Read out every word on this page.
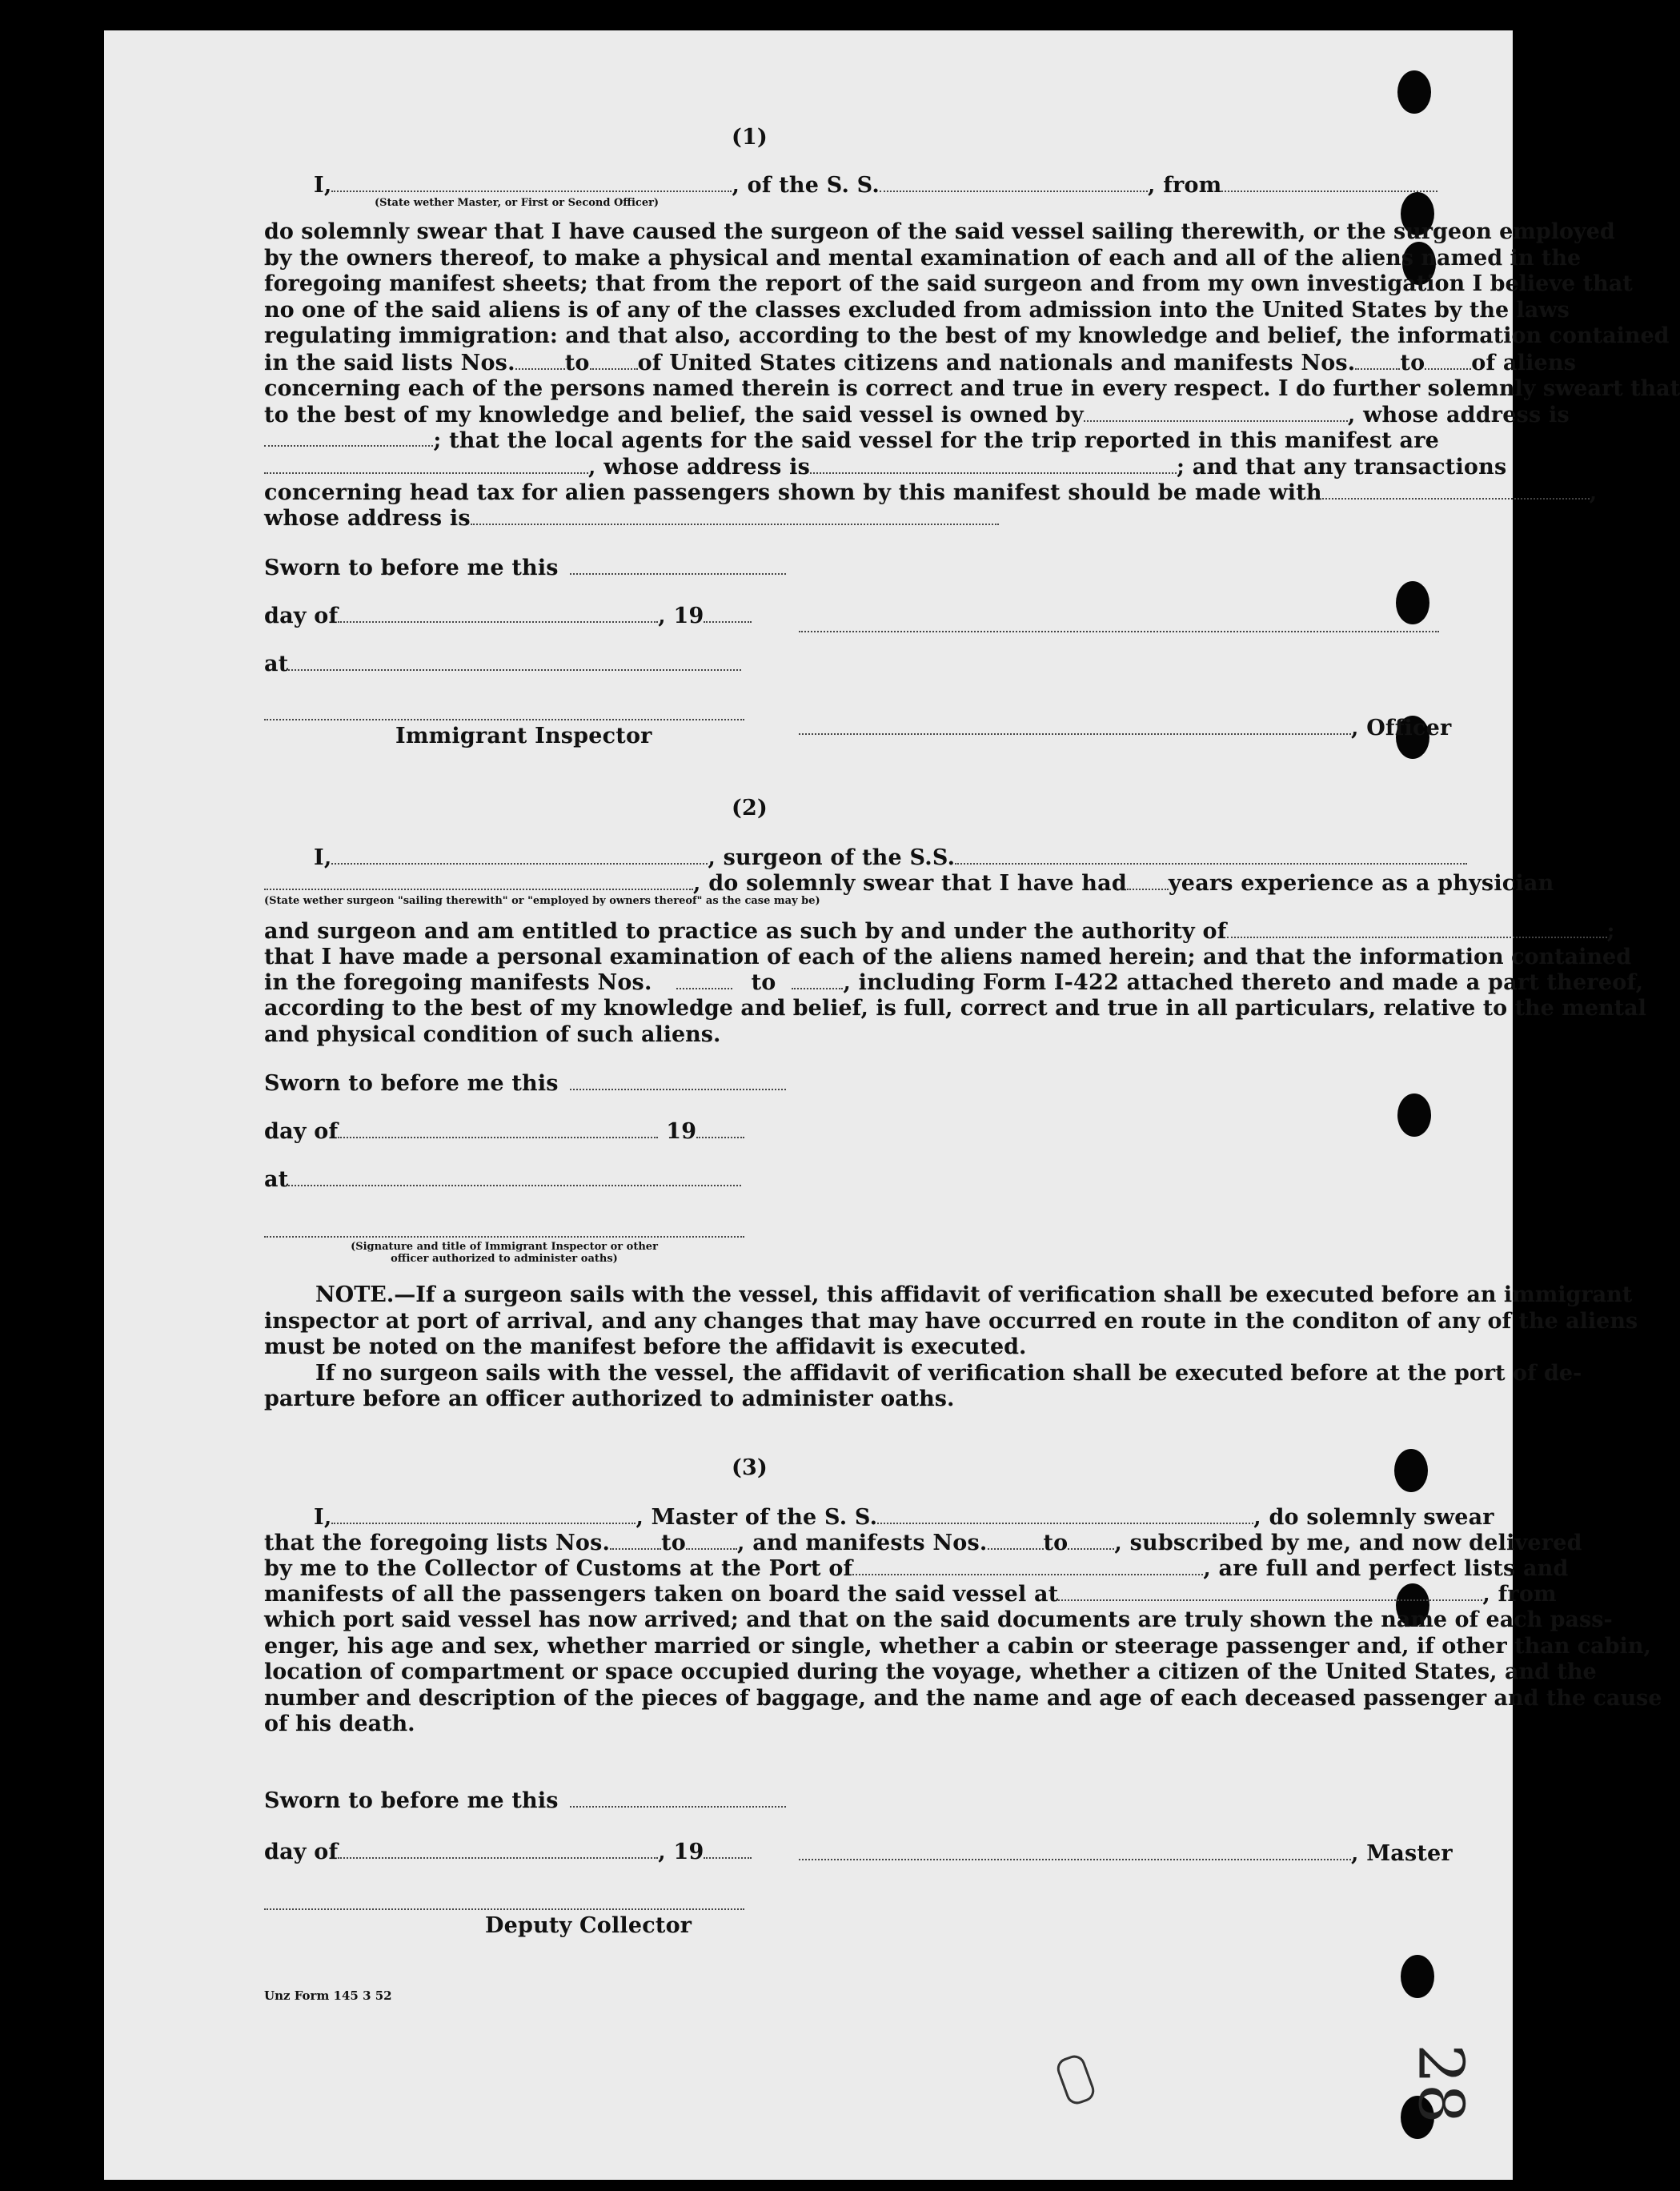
(1)
I,	, of the S. S.	, from
(State wether Master, or First or Second Officer)
do solemnly swear that I have caused the surgeon of the said vessel sailing therewith, or the surgeon employed
by the owners thereof, to make a physical and mental examination of each and all of the aliens named in the
foregoing manifest sheets; that from the report of the said surgeon and from my own investigation I believe that
no one of the said aliens is of any of the classes excluded from admission into the United States by the laws
regulating immigration: and that also, according to the best of my knowledge and belief, the information contained
in the said lists Nos. to of United States citizens and nationals and manifests Nos. to	of aliens
concerning each of the persons named therein is correct and true in every respect. I do further solemnly sweart that
to the best of my knowledge and belief, the said vessel is owned by	, whose address is
; that the local agents for the said vessel for the trip reported in this manifest are
, whose address is	; and that any transactions
concerning head tax for alien passengers shown by this manifest should be made with	,
whose address is
Sworn to before me this
day of	, 19
at
Immigrant Inspector	, Officer
(2)
I,	, surgeon of the S.S.
, do solemnly swear that I have had	years experience as a physician
(State wether surgeon "sailing therewith" or "employed by owners thereof" as the case may be)
and surgeon and am entitled to practice as such by and under the authority of	;
that I have made a personal examination of each of the aliens named herein; and that the information contained
in the foregoing manifests Nos.	to	, including Form I-422 attached thereto and made a part thereof,
according to the best of my knowledge and belief, is full, correct and true in all particulars, relative to the mental
and physical condition of such aliens.
Sworn to before me this
day of	19
at
(Signature and title of Immigrant Inspector or other
officer authorized to administer oaths)
NOTE.—If a surgeon sails with the vessel, this affidavit of verification shall be executed before an immigrant
inspector at port of arrival, and any changes that may have occurred en route in the conditon of any of the aliens
must be noted on the manifest before the affidavit is executed.
If no surgeon sails with the vessel, the affidavit of verification shall be executed before at the port of de-
parture before an officer authorized to administer oaths.
(3)
I,	, Master of the S. S.	, do solemnly swear
that the foregoing lists Nos. to , and manifests Nos.	to	, subscribed by me, and now delivered
by me to the Collector of Customs at the Port of	, are full and perfect lists and
manifests of all the passengers taken on board the said vessel at	, from
which port said vessel has now arrived; and that on the said documents are truly shown the name of each pass-
enger, his age and sex, whether married or single, whether a cabin or steerage passenger and, if other than cabin,
location of compartment or space occupied during the voyage, whether a citizen of the United States, and the
number and description of the pieces of baggage, and the name and age of each deceased passenger and the cause
of his death.
Sworn to before me this
day of	, 19	, Master
Deputy Collector
Unz Form 145 3 52
28
